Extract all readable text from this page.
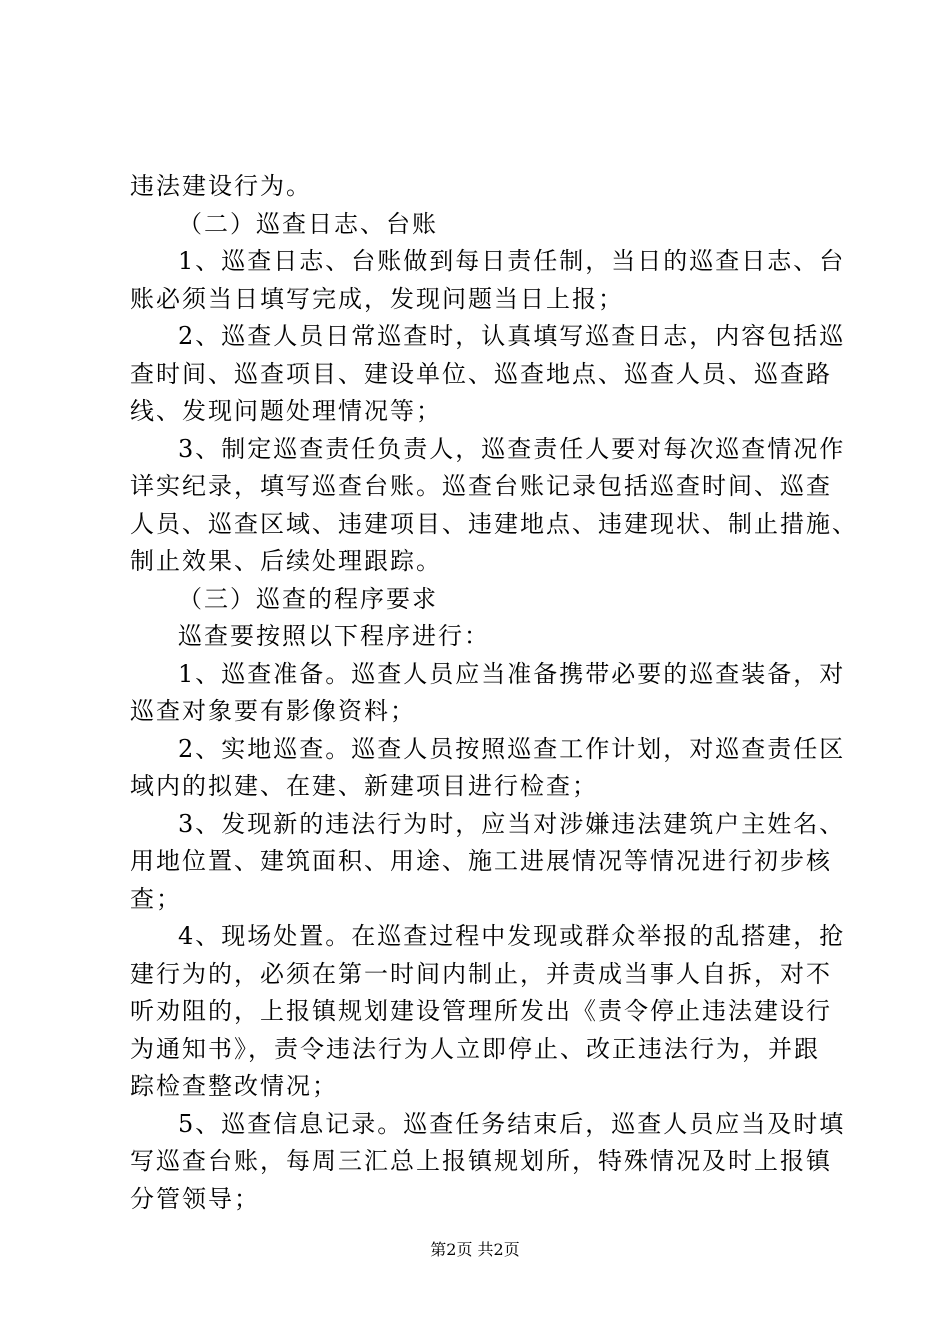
违法建设行为。
（二）巡查日志、台账
1、巡查日志、台账做到每日责任制，当日的巡查日志、台
账必须当日填写完成，发现问题当日上报；
2、巡查人员日常巡查时，认真填写巡查日志，内容包括巡
查时间、巡查项目、建设单位、巡查地点、巡查人员、巡查路
线、发现问题处理情况等；
3、制定巡查责任负责人，巡查责任人要对每次巡查情况作
详实纪录，填写巡查台账。巡查台账记录包括巡查时间、巡查
人员、巡查区域、违建项目、违建地点、违建现状、制止措施、
制止效果、后续处理跟踪。
（三）巡查的程序要求
巡查要按照以下程序进行：
1、巡查准备。巡查人员应当准备携带必要的巡查装备，对
巡查对象要有影像资料；
2、实地巡查。巡查人员按照巡查工作计划，对巡查责任区
域内的拟建、在建、新建项目进行检查；
3、发现新的违法行为时，应当对涉嫌违法建筑户主姓名、
用地位置、建筑面积、用途、施工进展情况等情况进行初步核
查；
4、现场处置。在巡查过程中发现或群众举报的乱搭建，抢
建行为的，必须在第一时间内制止，并责成当事人自拆，对不
听劝阻的，上报镇规划建设管理所发出《责令停止违法建设行
为通知书》，责令违法行为人立即停止、改正违法行为，并跟
踪检查整改情况；
5、巡查信息记录。巡查任务结束后，巡查人员应当及时填
写巡查台账，每周三汇总上报镇规划所，特殊情况及时上报镇
分管领导；
第2页 共2页
